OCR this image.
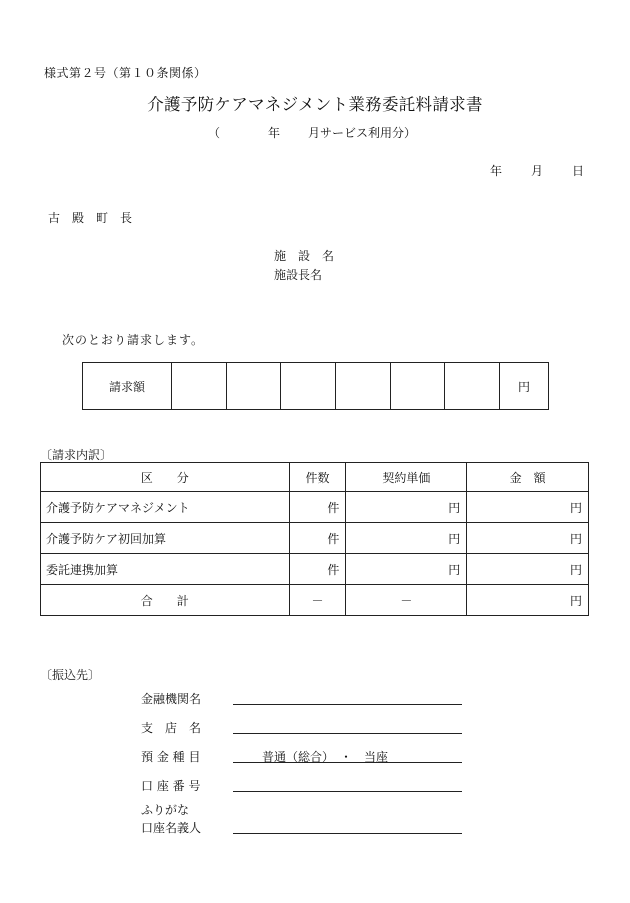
様式第２号（第１０条関係）
介護予防ケアマネジメント業務委託料請求書
（	年 月サービス利用分）
年 月 日
古　殿　町　長
施　設　名
施設長名
次のとおり請求します。
請求額							円
〔請求内訳〕
区　　分	件数	契約単価	金　額
介護予防ケアマネジメント	件	円	円
介護予防ケア初回加算	件	円	円
委託連携加算	件	円	円
合　　計	－	－	円
〔振込先〕
金融機関名
支　店　名
預 金 種 目	普通（総合）　・　当座
口 座 番 号
ふりがな
口座名義人
